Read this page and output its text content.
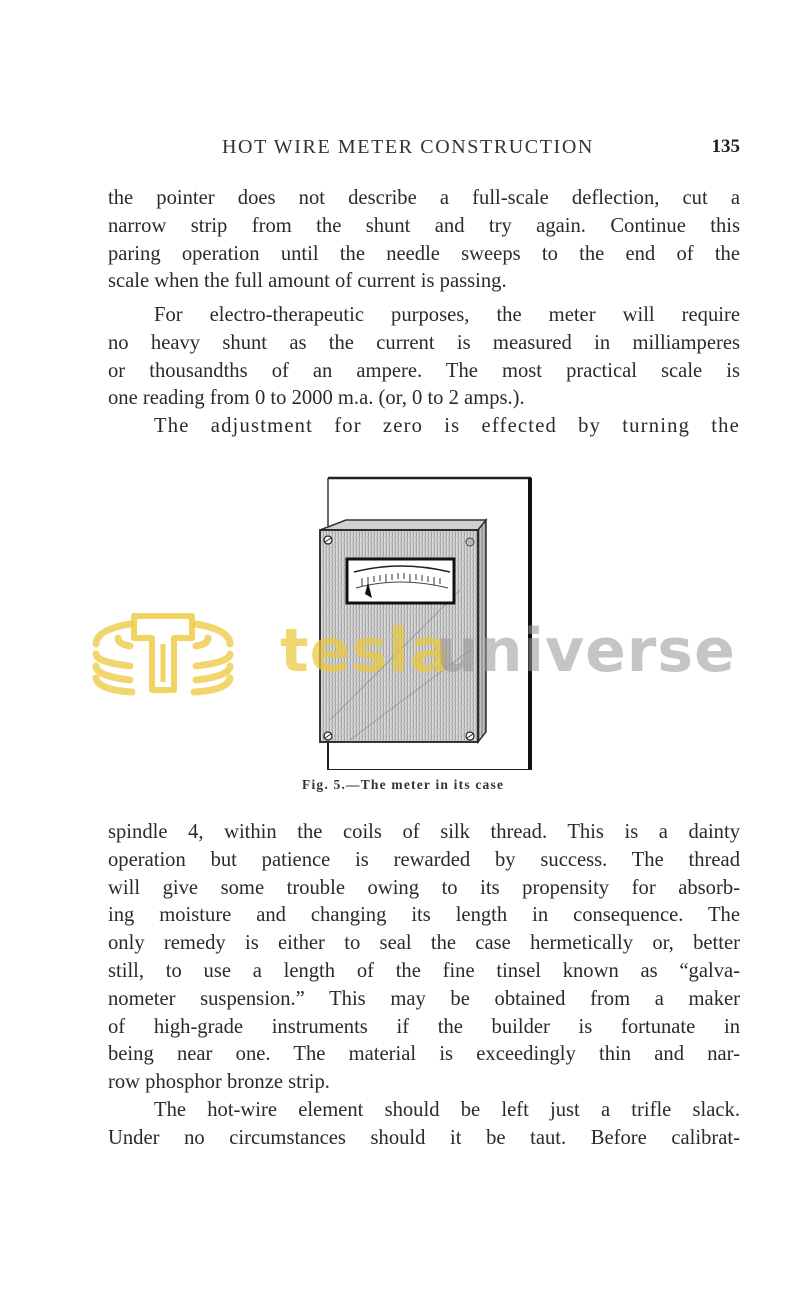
HOT WIRE METER CONSTRUCTION	135
the pointer does not describe a full-scale deflection, cut a
narrow strip from the shunt and try again. Continue this
paring operation until the needle sweeps to the end of the
scale when the full amount of current is passing.
For electro-therapeutic purposes, the meter will require
no heavy shunt as the current is measured in milliamperes
or thousandths of an ampere. The most practical scale is
one reading from 0 to 2000 m.a. (or, 0 to 2 amps.).
The adjustment for zero is effected by turning the
Fig. 5.—The meter in its case
tesla
universe
spindle 4, within the coils of silk thread. This is a dainty
operation but patience is rewarded by success. The thread
will give some trouble owing to its propensity for absorb-
ing moisture and changing its length in consequence. The
only remedy is either to seal the case hermetically or, better
still, to use a length of the fine tinsel known as “galva-
nometer suspension.” This may be obtained from a maker
of high-grade instruments if the builder is fortunate in
being near one. The material is exceedingly thin and nar-
row phosphor bronze strip.
The hot-wire element should be left just a trifle slack.
Under no circumstances should it be taut. Before calibrat-
